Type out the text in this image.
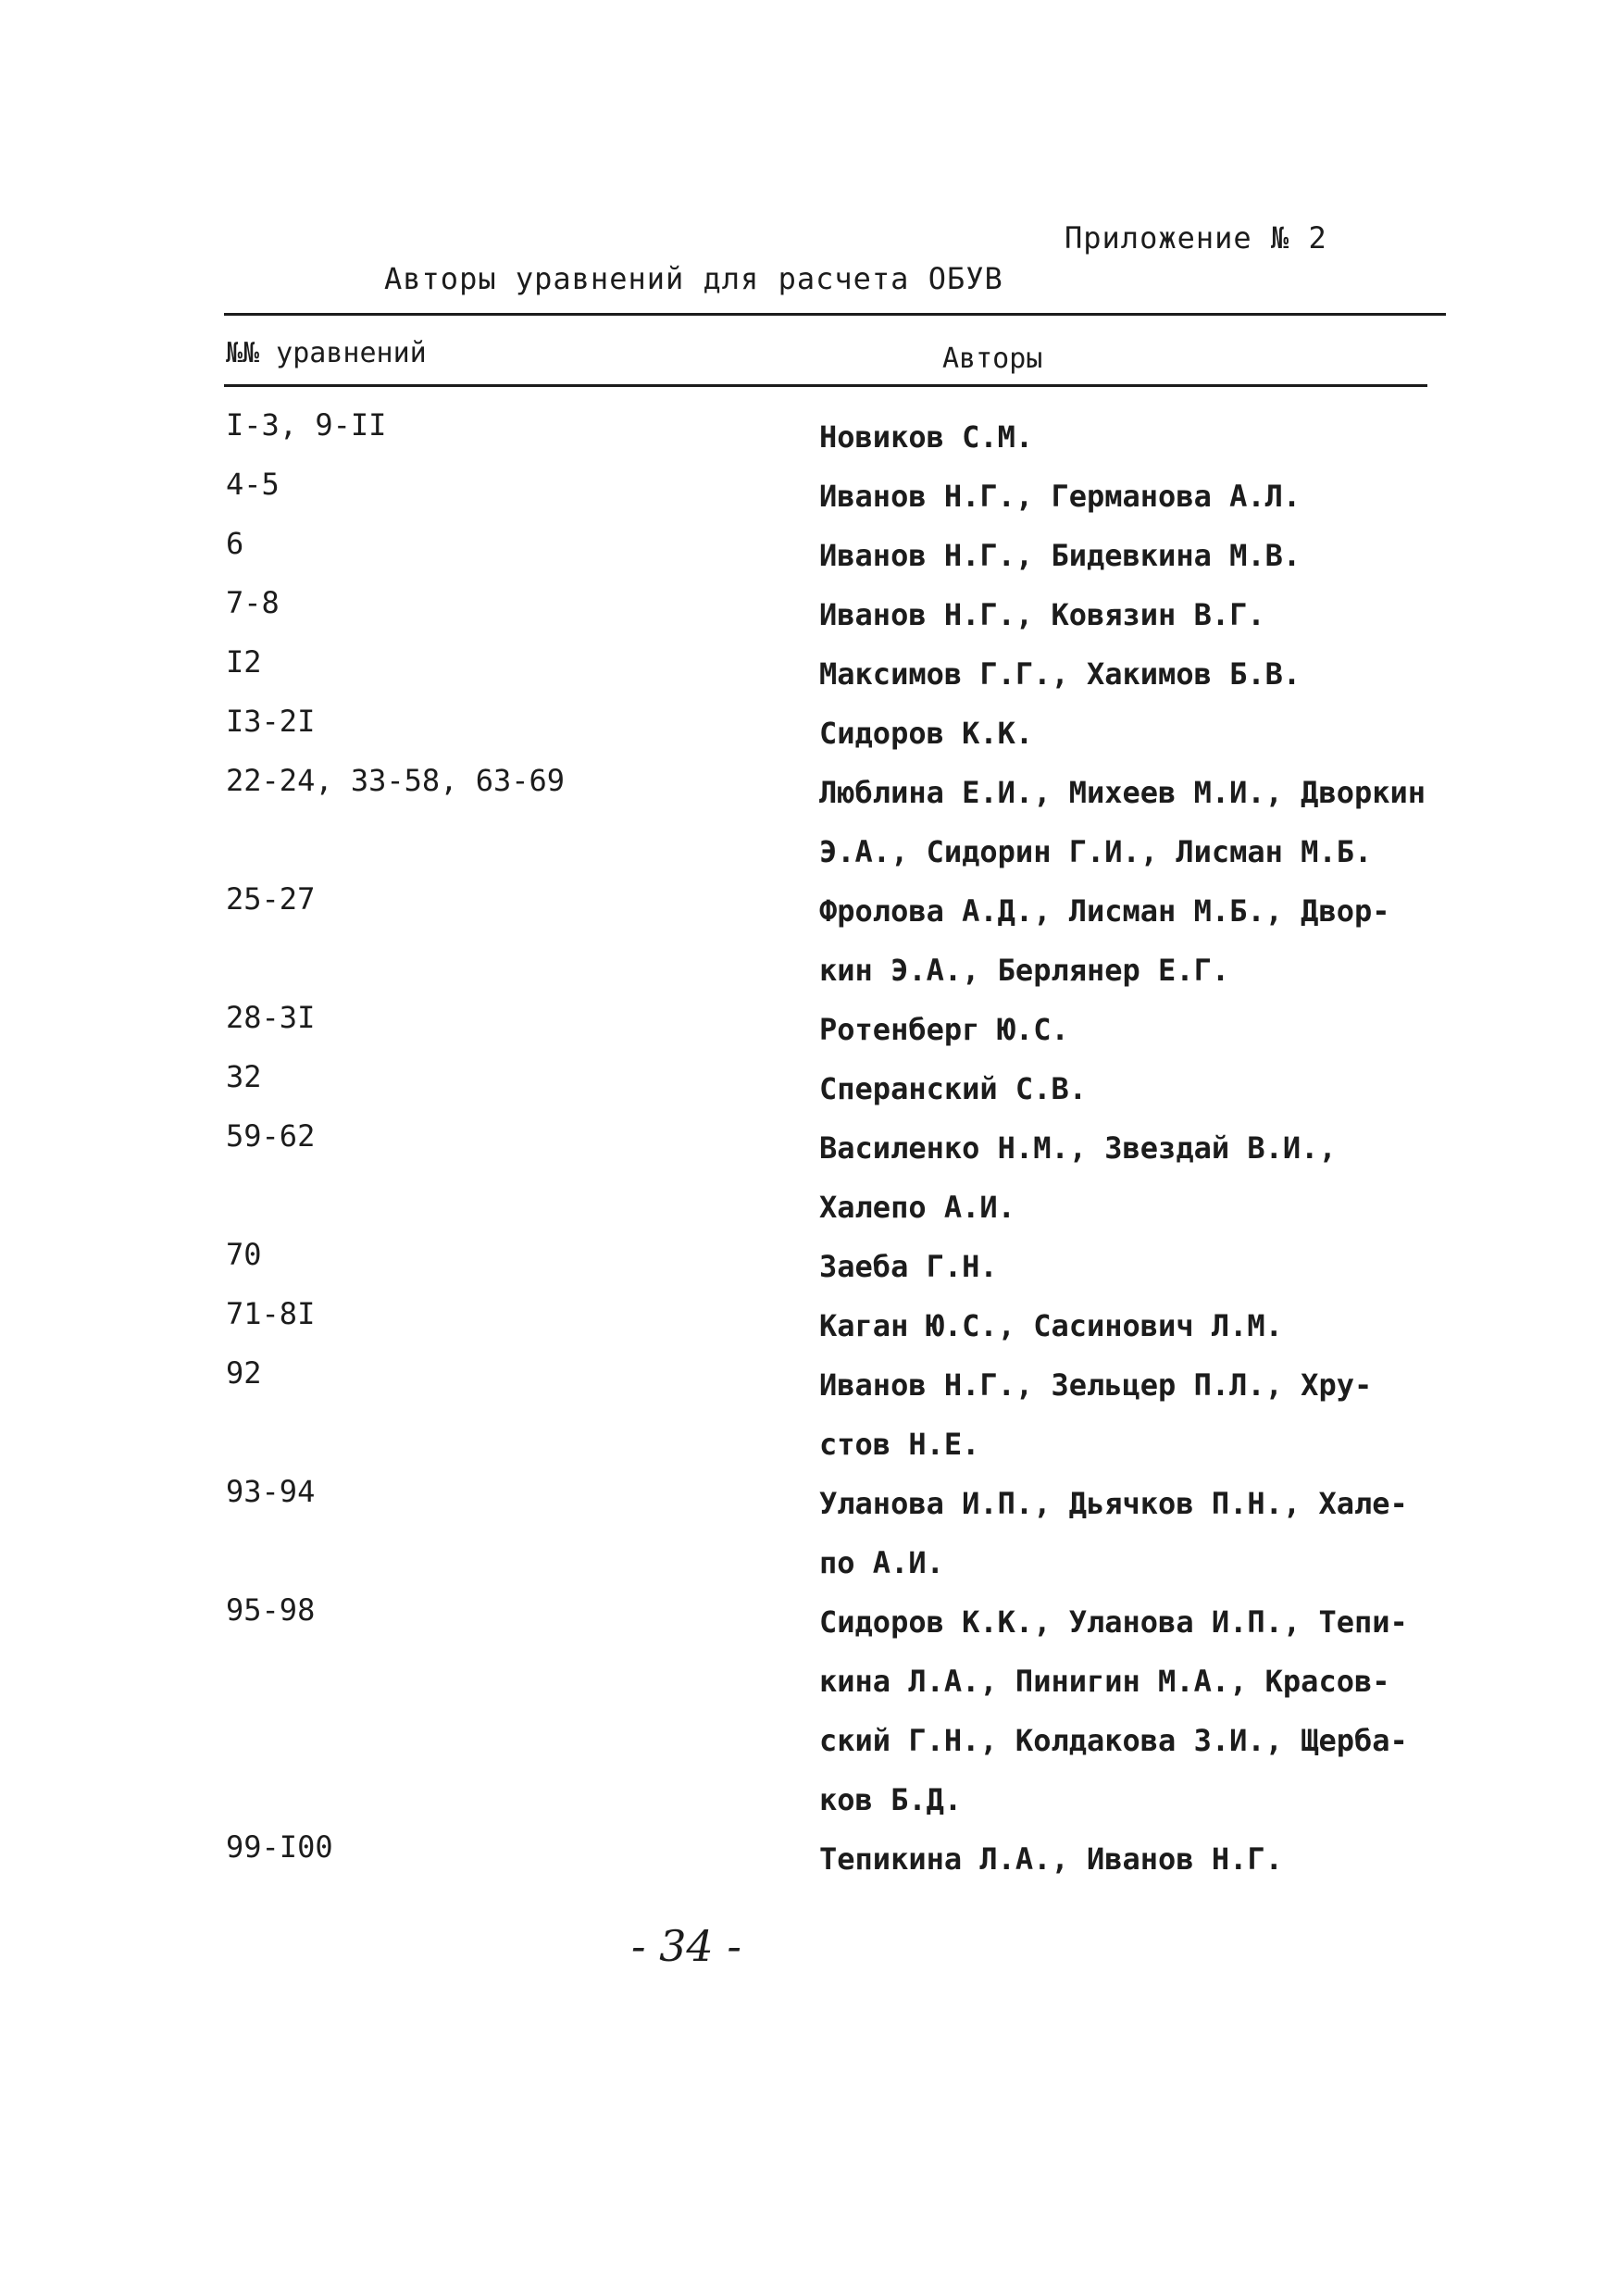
Приложение № 2
Авторы уравнений для расчета ОБУВ
№№ уравнений	Авторы
I-3, 9-II	Новиков С.М.
4-5	Иванов Н.Г., Германова А.Л.
6	Иванов Н.Г., Бидевкина М.В.
7-8	Иванов Н.Г., Ковязин В.Г.
I2	Максимов Г.Г., Хакимов Б.В.
I3-2I	Сидоров К.К.
22-24, 33-58, 63-69	Люблина Е.И., Михеев М.И., Дворкин
Э.А., Сидорин Г.И., Лисман М.Б.
25-27	Фролова А.Д., Лисман М.Б., Двор-
кин Э.А., Берлянер Е.Г.
28-3I	Ротенберг Ю.С.
32	Сперанский С.В.
59-62	Василенко Н.М., Звездай В.И.,
Халепо А.И.
70	Заеба Г.Н.
71-8I	Каган Ю.С., Сасинович Л.М.
92	Иванов Н.Г., Зельцер П.Л., Хру-
стов Н.Е.
93-94	Уланова И.П., Дьячков П.Н., Хале-
по А.И.
95-98	Сидоров К.К., Уланова И.П., Тепи-
кина Л.А., Пинигин М.А., Красов-
ский Г.Н., Колдакова З.И., Щерба-
ков Б.Д.
99-I00	Тепикина Л.А., Иванов Н.Г.
- 34 -
